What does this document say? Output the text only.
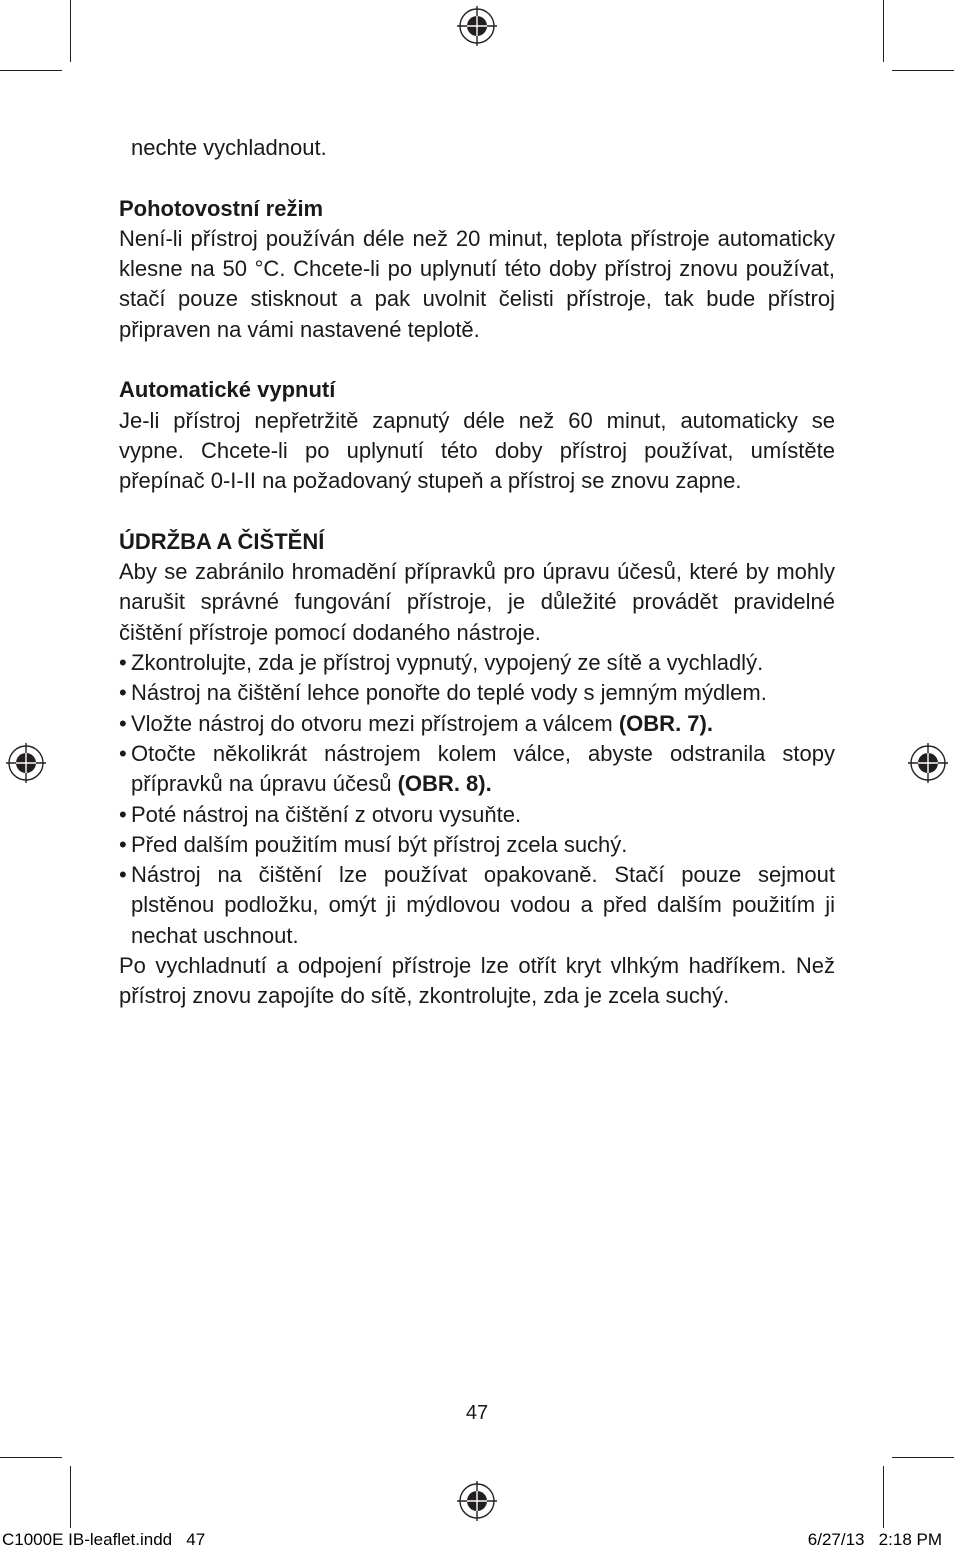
nechte vychladnout.

Pohotovostní režim

Není-li přístroj používán déle než 20 minut, teplota přístroje automaticky klesne na 50 °C. Chcete-li po uplynutí této doby přístroj znovu používat, stačí pouze stisknout a pak uvolnit čelisti přístroje, tak bude přístroj připraven na vámi nastavené teplotě.

Automatické vypnutí

Je-li přístroj nepřetržitě zapnutý déle než 60 minut, automaticky se vypne. Chcete-li po uplynutí této doby přístroj používat, umístěte přepínač 0-I-II na požadovaný stupeň a přístroj se znovu zapne.

ÚDRŽBA A ČIŠTĚNÍ

Aby se zabránilo hromadění přípravků pro úpravu účesů, které by mohly narušit správné fungování přístroje, je důležité provádět pravidelné čištění přístroje pomocí dodaného nástroje.

• Zkontrolujte, zda je přístroj vypnutý, vypojený ze sítě a vychladlý.
• Nástroj na čištění lehce ponořte do teplé vody s jemným mýdlem.
• Vložte nástroj do otvoru mezi přístrojem a válcem (OBR. 7).
• Otočte několikrát nástrojem kolem válce, abyste odstranila stopy přípravků na úpravu účesů (OBR. 8).
• Poté nástroj na čištění z otvoru vysuňte.
• Před dalším použitím musí být přístroj zcela suchý.
• Nástroj na čištění lze používat opakovaně. Stačí pouze sejmout plstěnou podložku, omýt ji mýdlovou vodou a před dalším použitím ji nechat uschnout.

Po vychladnutí a odpojení přístroje lze otřít kryt vlhkým hadříkem. Než přístroj znovu zapojíte do sítě, zkontrolujte, zda je zcela suchý.

47
C1000E IB-leaflet.indd   47	6/27/13   2:18 PM
